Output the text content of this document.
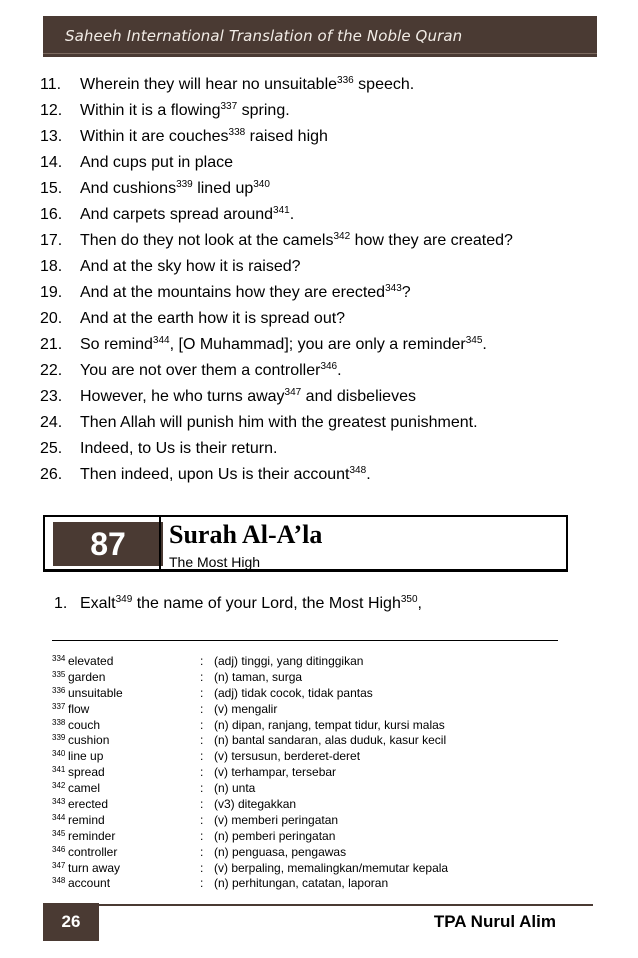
Saheeh International Translation of the Noble Quran
11.	Wherein they will hear no unsuitable$^{336}$ speech.
12.	Within it is a flowing$^{337}$ spring.
13.	Within it are couches$^{338}$ raised high
14.	And cups put in place
15.	And cushions$^{339}$ lined $up^{340}$
16.	And carpets spread around$^{341}$.
17.	Then do they not look at the camels$^{342}$ how they are created?
18.	And at the sky how it is raised?
19.	And at the mountains how they are erected$^{343}$?
20.	And at the earth how it is spread out?
21.	So remind$^{344}$, [O Muhammad]; you are only a reminder$^{345}$.
22.	You are not over them a controller$^{346}$.
23.	However, he who turns away$^{347}$ and disbelieves
24.	Then Allah will punish him with the greatest punishment.
25.	Indeed, to Us is their return.
26.	Then indeed, upon Us is their account$^{348}$.
87	Surah Al-A’la
The Most High
1. Exalt$^{349}$ the name of your Lord, the Most High$^{350}$,
334 elevated	: (adj) tinggi, yang ditinggikan
335 garden	: (n) taman, surga
336 unsuitable	: (adj) tidak cocok, tidak pantas
337 flow	: (v) mengalir
338 couch	: (n) dipan, ranjang, tempat tidur, kursi malas
339 cushion	: (n) bantal sandaran, alas duduk, kasur kecil
340 line up	: (v) tersusun, berderet-deret
341 spread	: (v) terhampar, tersebar
342 camel	: (n) unta
343 erected	: (v3) ditegakkan
344 remind	: (v) memberi peringatan
345 reminder	: (n) pemberi peringatan
346 controller	: (n) penguasa, pengawas
347 turn away	: (v) berpaling, memalingkan/memutar kepala
348 account	: (n) perhitungan, catatan, laporan
26	TPA Nurul Alim
